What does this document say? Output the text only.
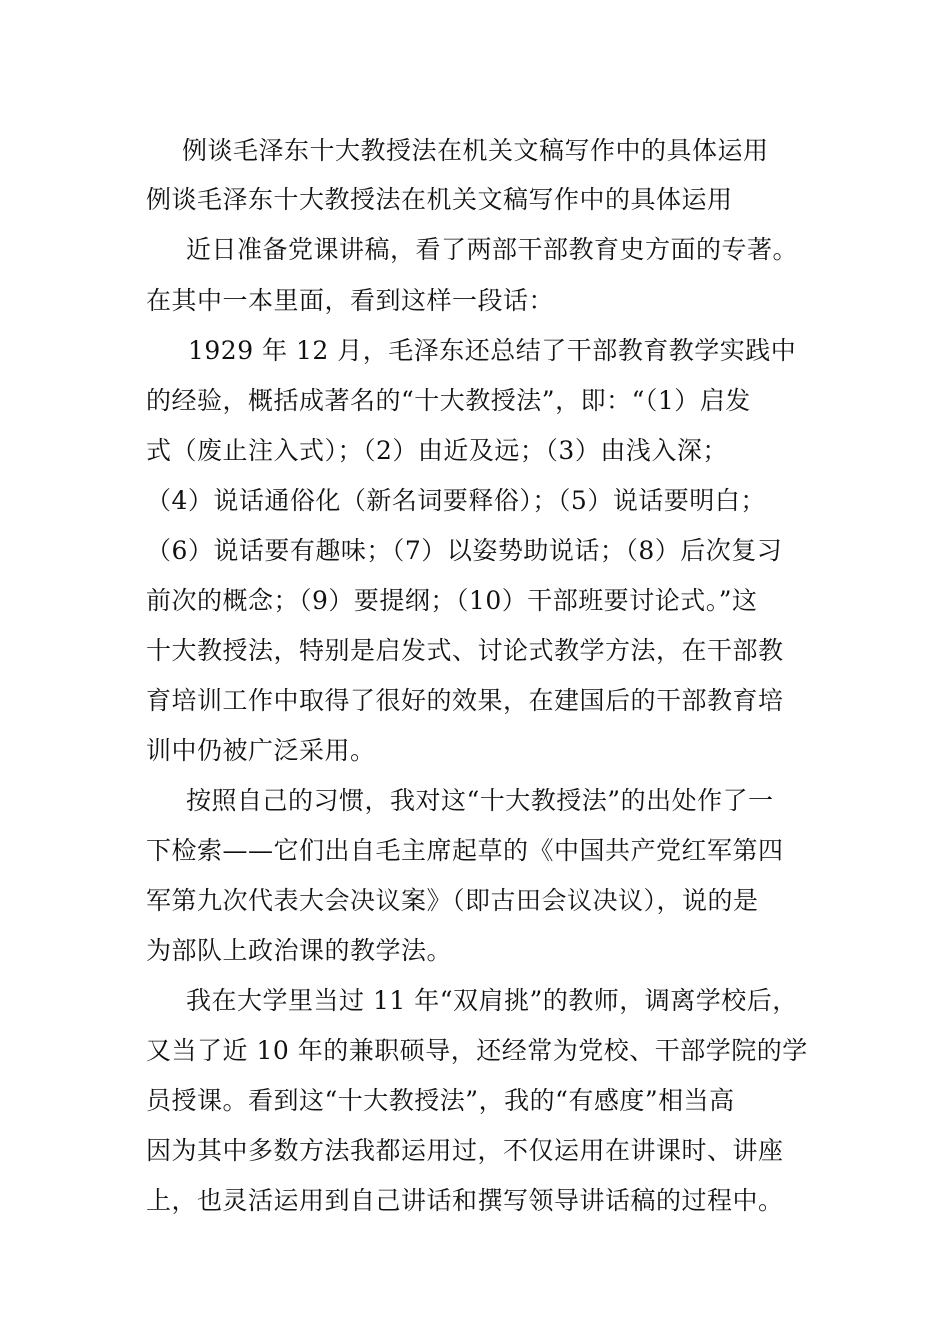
例谈毛泽东十大教授法在机关文稿写作中的具体运用
例谈毛泽东十大教授法在机关文稿写作中的具体运用
近日准备党课讲稿，看了两部干部教育史方面的专著。
在其中一本里面，看到这样一段话：
1929 年 12 月，毛泽东还总结了干部教育教学实践中
的经验，概括成著名的“十大教授法”，即：“（1）启发
式（废止注入式）；（2）由近及远；（3）由浅入深；
（4）说话通俗化（新名词要释俗）；（5）说话要明白；
（6）说话要有趣味；（7）以姿势助说话；（8）后次复习
前次的概念；（9）要提纲；（10）干部班要讨论式。”这
十大教授法，特别是启发式、讨论式教学方法，在干部教
育培训工作中取得了很好的效果，在建国后的干部教育培
训中仍被广泛采用。
按照自己的习惯，我对这“十大教授法”的出处作了一
下检索——它们出自毛主席起草的《中国共产党红军第四
军第九次代表大会决议案》（即古田会议决议），说的是
为部队上政治课的教学法。
我在大学里当过 11 年“双肩挑”的教师，调离学校后，
又当了近 10 年的兼职硕导，还经常为党校、干部学院的学
员授课。看到这“十大教授法”，我的“有感度”相当高
因为其中多数方法我都运用过，不仅运用在讲课时、讲座
上，也灵活运用到自己讲话和撰写领导讲话稿的过程中。
